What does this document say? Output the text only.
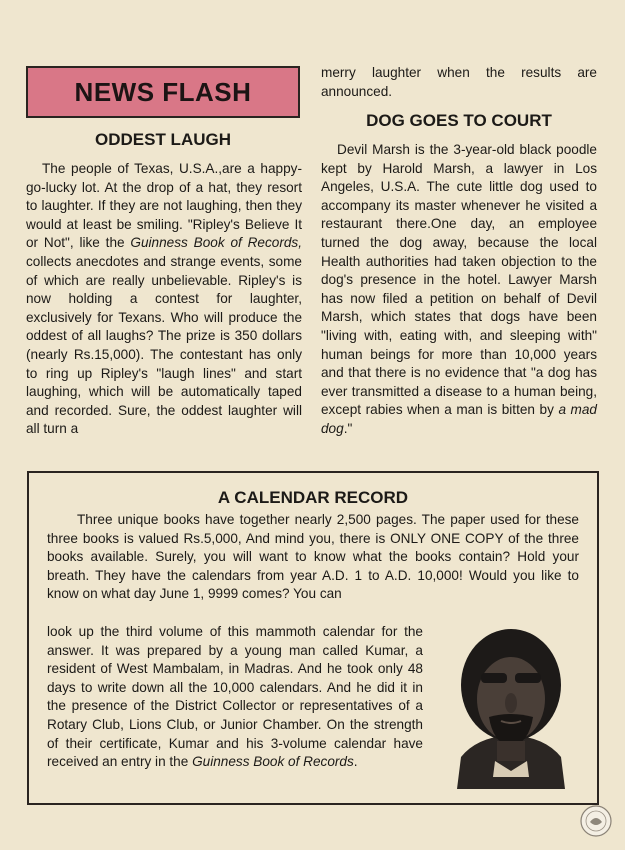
NEWS FLASH
ODDEST LAUGH

The people of Texas, U.S.A.,are a happy-go-lucky lot. At the drop of a hat, they resort to laughter. If they are not laughing, then they would at least be smiling. "Ripley's Believe It or Not", like the Guinness Book of Records, collects anecdotes and strange events, some of which are really unbelievable. Ripley's is now holding a contest for laughter, exclusively for Texans. Who will produce the oddest of all laughs? The prize is 350 dollars (nearly Rs.15,000). The contestant has only to ring up Ripley's "laugh lines" and start laughing, which will be automatically taped and recorded. Sure, the oddest laughter will all turn a

merry laughter when the results are announced.

DOG GOES TO COURT

Devil Marsh is the 3-year-old black poodle kept by Harold Marsh, a lawyer in Los Angeles, U.S.A. The cute little dog used to accompany its master whenever he visited a restaurant there.One day, an employee turned the dog away, because the local Health authorities had taken objection to the dog's presence in the hotel. Lawyer Marsh has now filed a petition on behalf of Devil Marsh, which states that dogs have been "living with, eating with, and sleeping with" human beings for more than 10,000 years and that there is no evidence that "a dog has ever transmitted a disease to a human being, except rabies when a man is bitten by a mad dog."

A CALENDAR RECORD

Three unique books have together nearly 2,500 pages. The paper used for these three books is valued Rs.5,000, And mind you, there is ONLY ONE COPY of the three books available. Surely, you will want to know what the books contain? Hold your breath. They have the calendars from year A.D. 1 to A.D. 10,000! Would you like to know on what day June 1, 9999 comes? You can

look up the third volume of this mammoth calendar for the answer. It was prepared by a young man called Kumar, a resident of West Mambalam, in Madras. And he took only 48 days to write down all the 10,000 calendars. And he did it in the presence of the District Collector or representatives of a Rotary Club, Lions Club, or Junior Chamber. On the strength of their certificate, Kumar and his 3-volume calendar have received an entry in the Guinness Book of Records.
